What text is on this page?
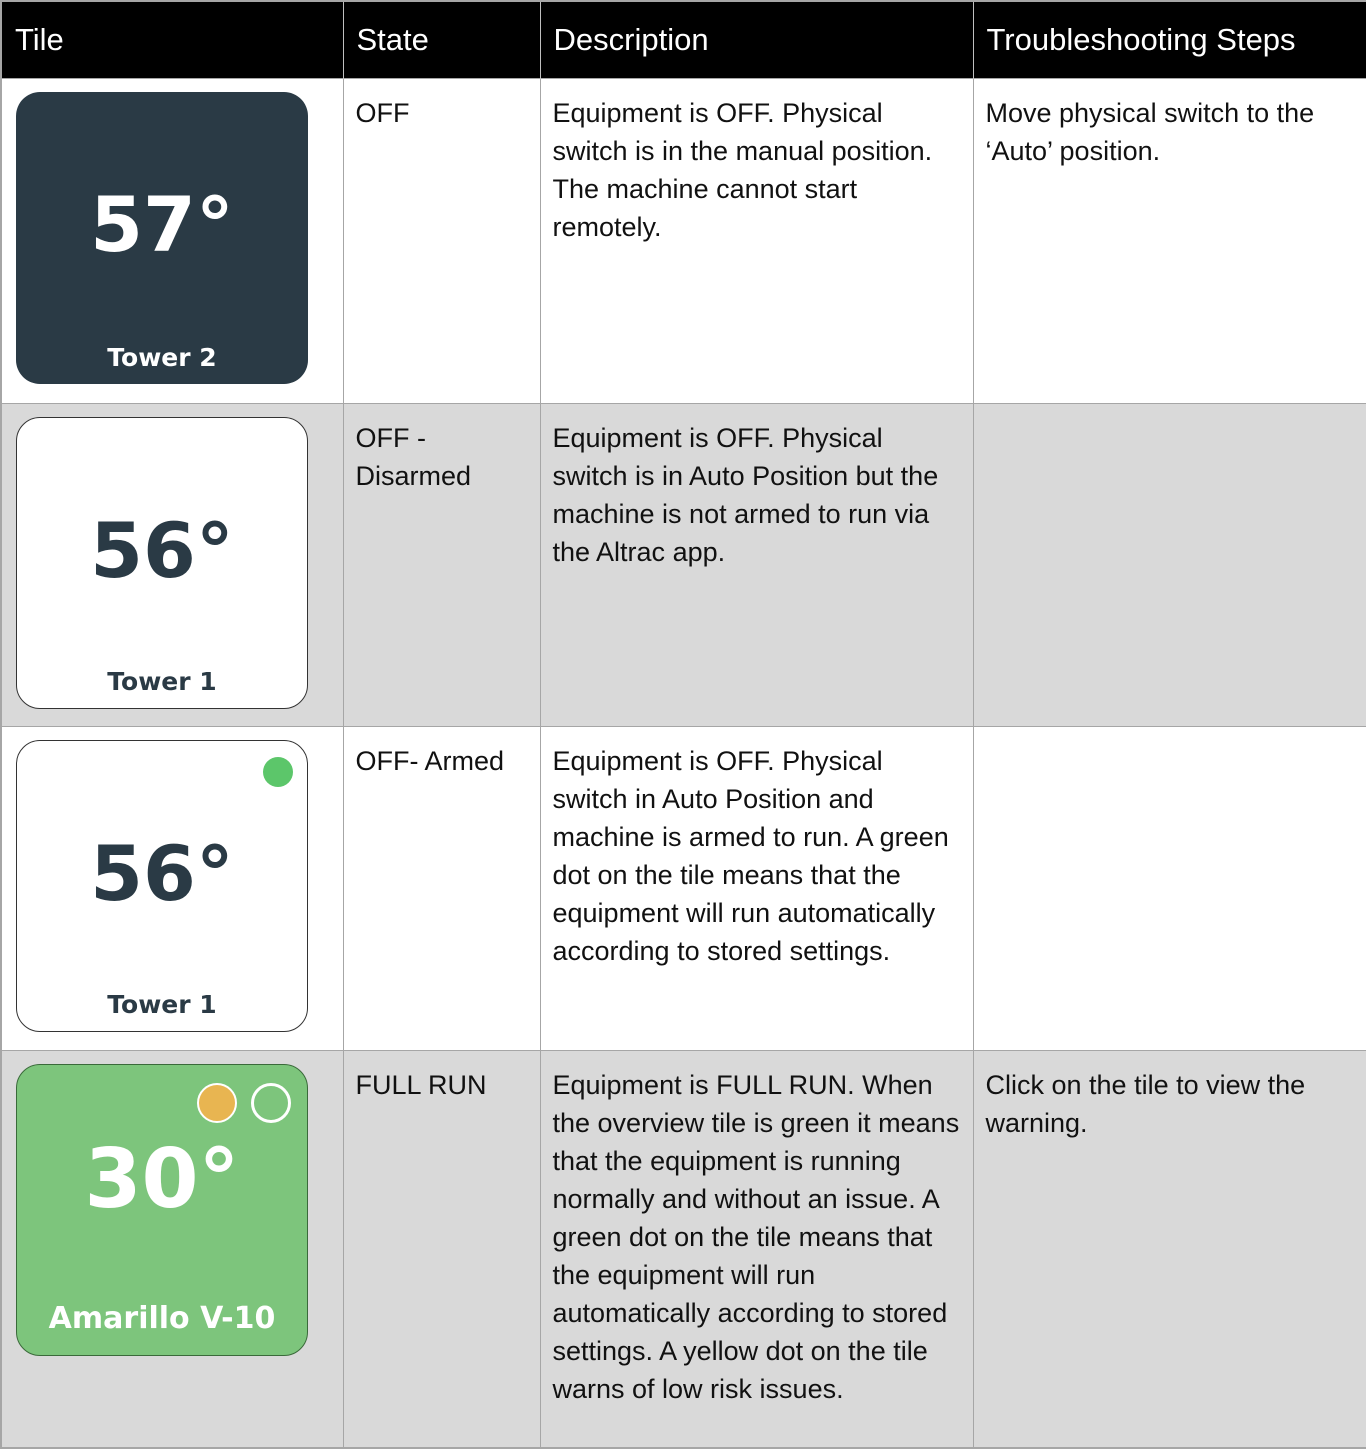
Tile	State	Description	Troubleshooting Steps

57°
Tower 2	OFF	Equipment is OFF. Physical switch is in the manual position. The machine cannot start remotely.	Move physical switch to the ‘Auto’ position.

56°
Tower 1	OFF - Disarmed	Equipment is OFF. Physical switch is in Auto Position but the machine is not armed to run via the Altrac app.	

56°
Tower 1	OFF- Armed	Equipment is OFF. Physical switch in Auto Position and machine is armed to run. A green dot on the tile means that the equipment will run automatically according to stored settings.	

30°
Amarillo V-10	FULL RUN	Equipment is FULL RUN. When the overview tile is green it means that the equipment is running normally and without an issue. A green dot on the tile means that the equipment will run automatically according to stored settings. A yellow dot on the tile warns of low risk issues.	Click on the tile to view the warning.
